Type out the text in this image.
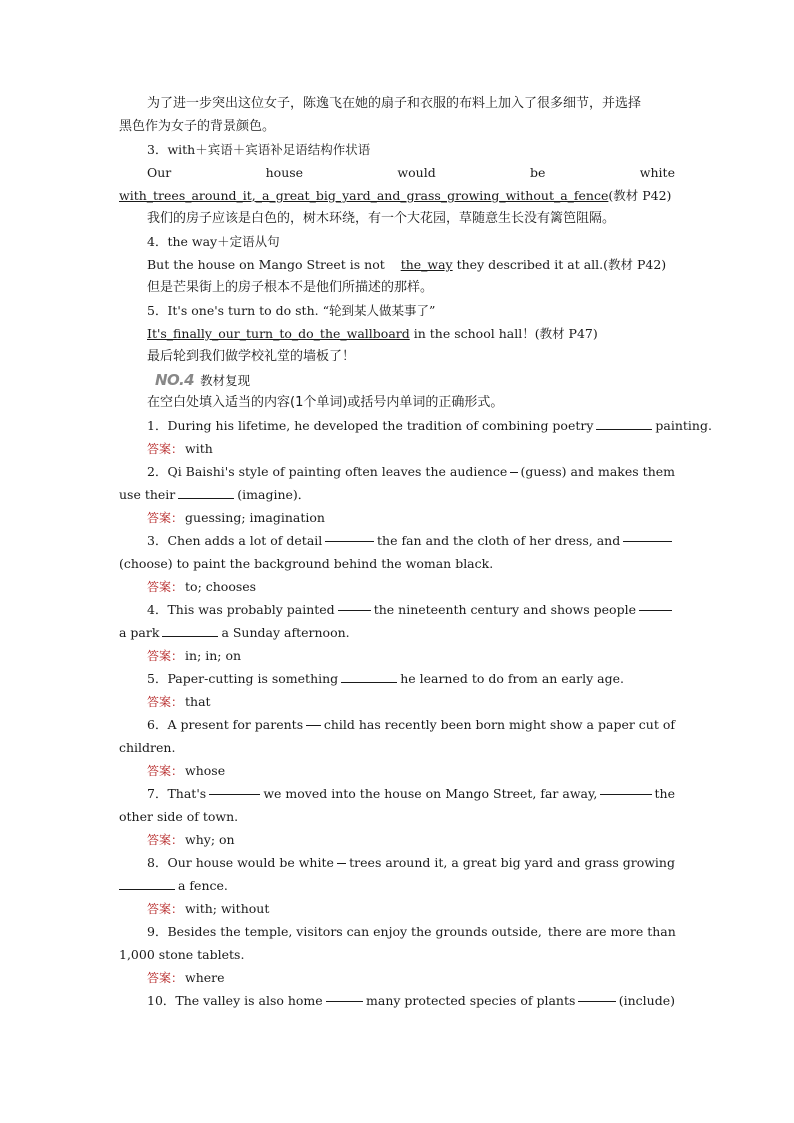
为了进一步突出这位女子，陈逸飞在她的扇子和衣服的布料上加入了很多细节，并选择
黑色作为女子的背景颜色。
3．with＋宾语＋宾语补足语结构作状语
Our	house	would	be	white
with_trees_around_it,_a_great_big_yard_and_grass_growing_without_a_fence(教材 P42)
我们的房子应该是白色的，树木环绕，有一个大花园，草随意生长没有篱笆阻隔。
4．the way＋定语从句
But the house on Mango Street is not the_way they described it at all.(教材 P42)
但是芒果街上的房子根本不是他们所描述的那样。
5．It's one's turn to do sth. “轮到某人做某事了”
It's_finally_our_turn_to_do_the_wallboard in the school hall！(教材 P47)
最后轮到我们做学校礼堂的墙板了！
NO.4 教材复现
在空白处填入适当的内容(1个单词)或括号内单词的正确形式。
1．During his lifetime, he developed the tradition of combining poetry	painting.
答案： with
2．Qi Baishi's style of painting often leaves the audience (guess) and makes them
use their	(imagine)．
答案： guessing; imagination
3．Chen adds a lot of detail	the fan and the cloth of her dress, and
(choose) to paint the background behind the woman black.
答案： to; chooses
4．This was probably painted	the nineteenth century and shows people
a park	a Sunday afternoon.
答案： in; in; on
5．Paper-cutting is something	he learned to do from an early age.
答案： that
6．A present for parents child has recently been born might show a paper cut of
children.
答案： whose
7．That's	we moved into the house on Mango Street, far away,	the
other side of town.
答案： why; on
8．Our house would be white trees around it, a great big yard and grass growing
a fence.
答案： with; without
9．Besides the temple, visitors can enjoy the grounds outside, there are more than
1,000 stone tablets.
答案： where
10．The valley is also home	many protected species of plants	(include)
